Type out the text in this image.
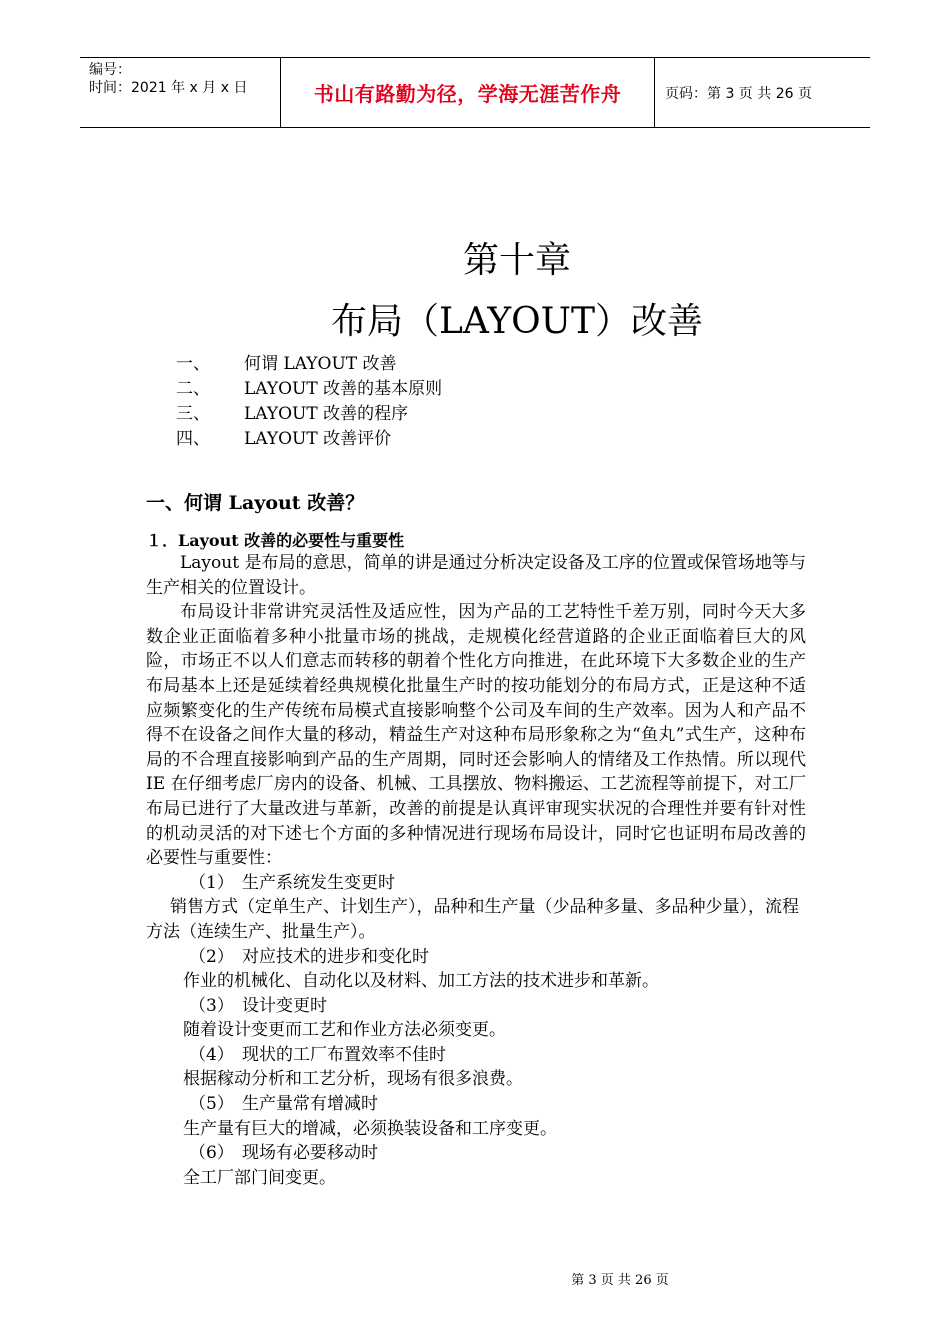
编号：
时间：2021 年 x 月 x 日	书山有路勤为径，学海无涯苦作舟	页码：第 3 页 共 26 页
第十章
布局（LAYOUT）改善
一、	何谓 LAYOUT 改善
二、	LAYOUT 改善的基本原则
三、	LAYOUT 改善的程序
四、	LAYOUT 改善评价
一、何谓 Layout 改善？
１．Layout 改善的必要性与重要性

Layout 是布局的意思，简单的讲是通过分析决定设备及工序的位置或保管场地等与生产相关的位置设计。

布局设计非常讲究灵活性及适应性，因为产品的工艺特性千差万别，同时今天大多数企业正面临着多种小批量市场的挑战，走规模化经营道路的企业正面临着巨大的风险，市场正不以人们意志而转移的朝着个性化方向推进，在此环境下大多数企业的生产布局基本上还是延续着经典规模化批量生产时的按功能划分的布局方式，正是这种不适应频繁变化的生产传统布局模式直接影响整个公司及车间的生产效率。因为人和产品不得不在设备之间作大量的移动，精益生产对这种布局形象称之为“鱼丸”式生产，这种布局的不合理直接影响到产品的生产周期，同时还会影响人的情绪及工作热情。所以现代 IE 在仔细考虑厂房内的设备、机械、工具摆放、物料搬运、工艺流程等前提下，对工厂布局已进行了大量改进与革新，改善的前提是认真评审现实状况的合理性并要有针对性的机动灵活的对下述七个方面的多种情况进行现场布局设计，同时它也证明布局改善的必要性与重要性：

（1） 生产系统发生变更时

销售方式（定单生产、计划生产），品种和生产量（少品种多量、多品种少量），流程方法（连续生产、批量生产）。

（2） 对应技术的进步和变化时

作业的机械化、自动化以及材料、加工方法的技术进步和革新。

（3） 设计变更时

随着设计变更而工艺和作业方法必须变更。

（4） 现状的工厂布置效率不佳时

根据稼动分析和工艺分析，现场有很多浪费。

（5） 生产量常有增减时

生产量有巨大的增减，必须换装设备和工序变更。

（6） 现场有必要移动时

全工厂部门间变更。

第 3 页 共 26 页
